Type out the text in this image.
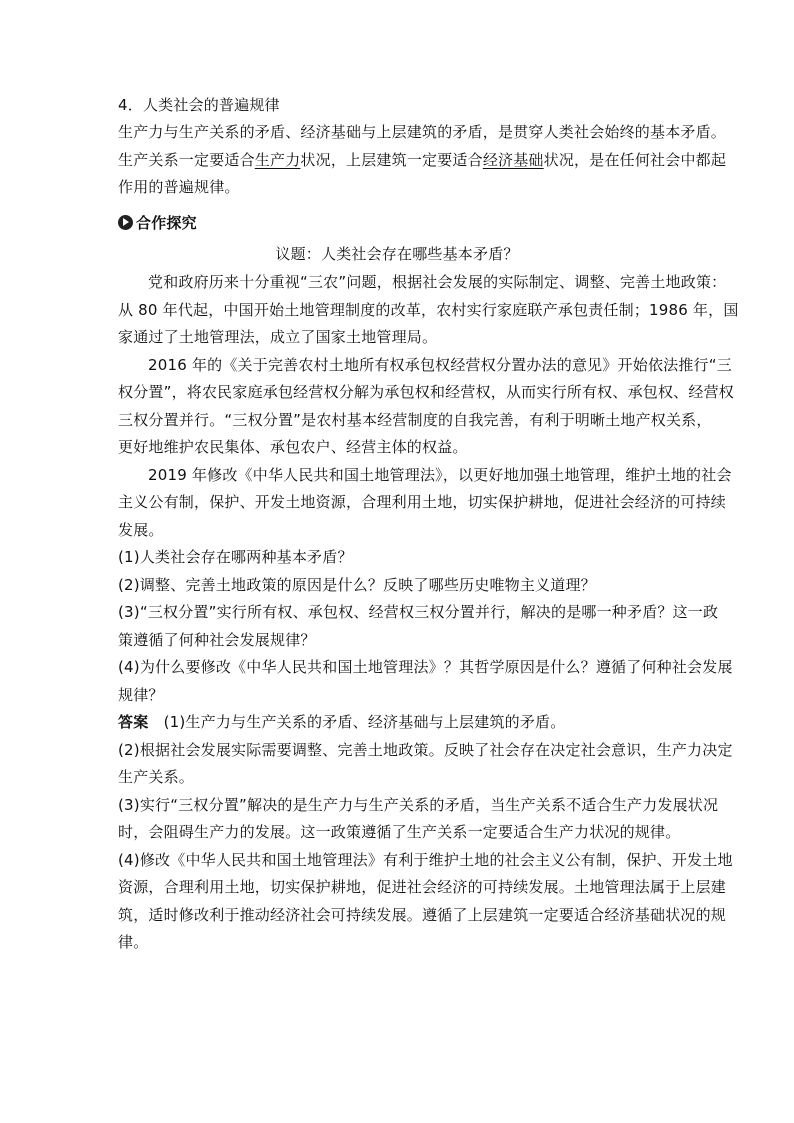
4．人类社会的普遍规律
生产力与生产关系的矛盾、经济基础与上层建筑的矛盾，是贯穿人类社会始终的基本矛盾。
生产关系一定要适合生产力状况，上层建筑一定要适合经济基础状况，是在任何社会中都起
作用的普遍规律。
合作探究
议题：人类社会存在哪些基本矛盾？
党和政府历来十分重视“三农”问题，根据社会发展的实际制定、调整、完善土地政策：
从 80 年代起，中国开始土地管理制度的改革，农村实行家庭联产承包责任制；1986 年，国
家通过了土地管理法，成立了国家土地管理局。
2016 年的《关于完善农村土地所有权承包权经营权分置办法的意见》开始依法推行“三
权分置”，将农民家庭承包经营权分解为承包权和经营权，从而实行所有权、承包权、经营权
三权分置并行。“三权分置”是农村基本经营制度的自我完善，有利于明晰土地产权关系，
更好地维护农民集体、承包农户、经营主体的权益。
2019 年修改《中华人民共和国土地管理法》，以更好地加强土地管理，维护土地的社会
主义公有制，保护、开发土地资源，合理利用土地，切实保护耕地，促进社会经济的可持续
发展。
(1)人类社会存在哪两种基本矛盾？
(2)调整、完善土地政策的原因是什么？反映了哪些历史唯物主义道理？
(3)“三权分置”实行所有权、承包权、经营权三权分置并行，解决的是哪一种矛盾？这一政
策遵循了何种社会发展规律？
(4)为什么要修改《中华人民共和国土地管理法》？其哲学原因是什么？遵循了何种社会发展
规律？
答案　(1)生产力与生产关系的矛盾、经济基础与上层建筑的矛盾。
(2)根据社会发展实际需要调整、完善土地政策。反映了社会存在决定社会意识，生产力决定
生产关系。
(3)实行“三权分置”解决的是生产力与生产关系的矛盾，当生产关系不适合生产力发展状况
时，会阻碍生产力的发展。这一政策遵循了生产关系一定要适合生产力状况的规律。
(4)修改《中华人民共和国土地管理法》有利于维护土地的社会主义公有制，保护、开发土地
资源，合理利用土地，切实保护耕地，促进社会经济的可持续发展。土地管理法属于上层建
筑，适时修改利于推动经济社会可持续发展。遵循了上层建筑一定要适合经济基础状况的规
律。
